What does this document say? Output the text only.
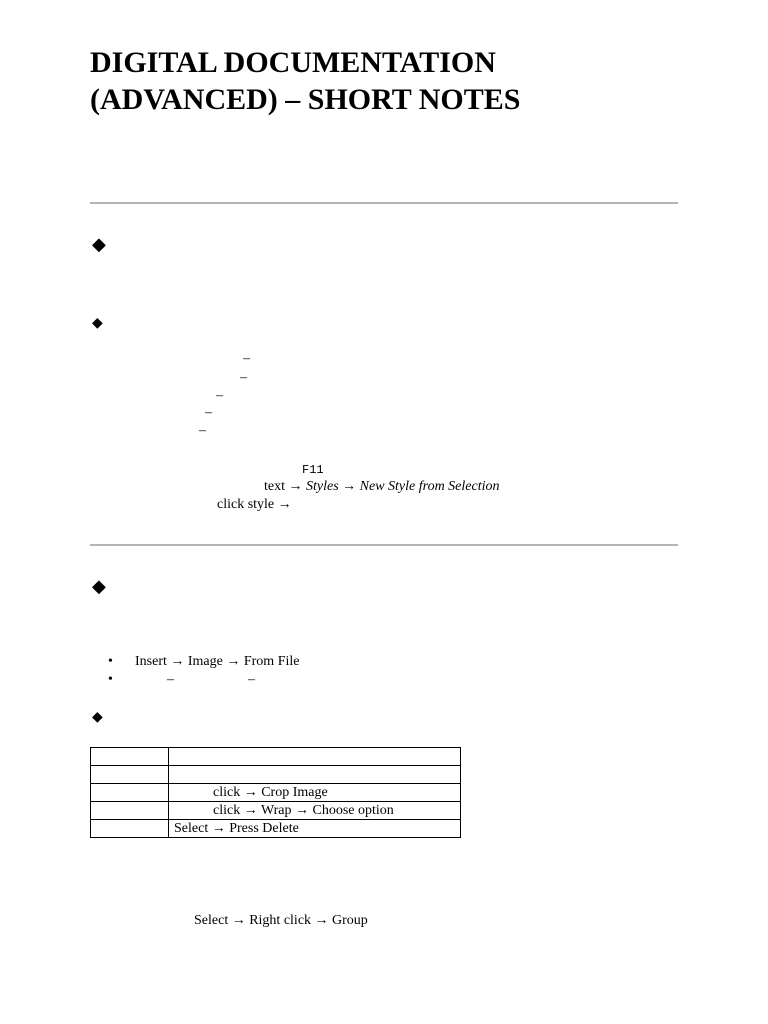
DIGITAL DOCUMENTATION
(ADVANCED) – SHORT NOTES
◆
◆
–
–
–
–
–
F11
text → Styles → New Style from Selection
click style →
◆
• Insert → Image → From File
•	–	–
◆

	click → Crop Image
	click → Wrap → Choose option
	Select → Press Delete
Select → Right click → Group
